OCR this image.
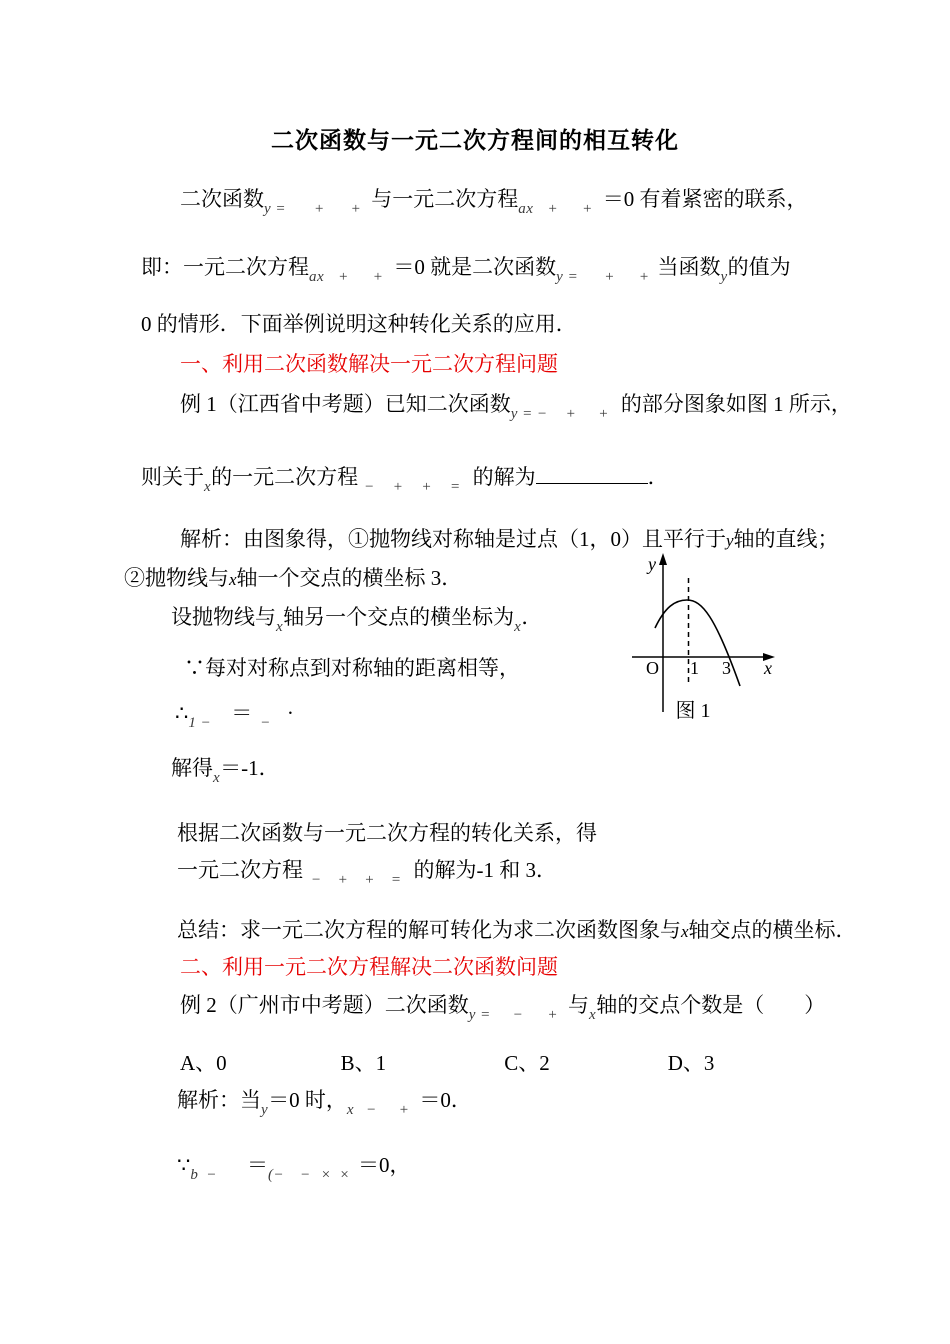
二次函数与一元二次方程间的相互转化
二次函数$_{y =}$ $_+$ $_+$ 与一元二次方程$_{ax}$ $_+$ $_+$ ＝0 有着紧密的联系，
即：一元二次方程$_{ax}$ $_+$ $_+$ ＝0 就是二次函数$_{y =}$ $_+$ $_+$ 当函数$_y$的值为
0 的情形．下面举例说明这种转化关系的应用．
一、利用二次函数解决一元二次方程问题
例 1（江西省中考题）已知二次函数$_{y = -}$ $_+$ $_+$ 的部分图象如图 1 所示，
则关于$_x$的一元二次方程 $_-$ $_+$ $_+$ $_=$ 的解为	．
解析：由图象得，①抛物线对称轴是过点（1，0）且平行于y轴的直线；
②抛物线与x轴一个交点的横坐标 3．
设抛物线与$_x$轴另一个交点的横坐标为$_x$．
∵每对对称点到对称轴的距离相等，
$\therefore_{1 -} = _-$ ·
解得$_x$＝-1．
根据二次函数与一元二次方程的转化关系，得
一元二次方程 $_-$ $_+$ $_+$ $_=$ 的解为-1 和 3．
总结：求一元二次方程的解可转化为求二次函数图象与x轴交点的横坐标．
二、利用一元二次方程解决二次函数问题
例 2（广州市中考题）二次函数$_{y =}$ $_-$ $_+$ 与$_x$轴的交点个数是（ ）
A、0	B、1	C、2	D、3
解析：当$_y$＝0 时，$_x$ $_-$ $_+$ ＝0．
$\because_b$ $_- =_{(-}$ $_-$ $_\times$ $_\times$ ＝0，
y
x
O 1 3
图 1
